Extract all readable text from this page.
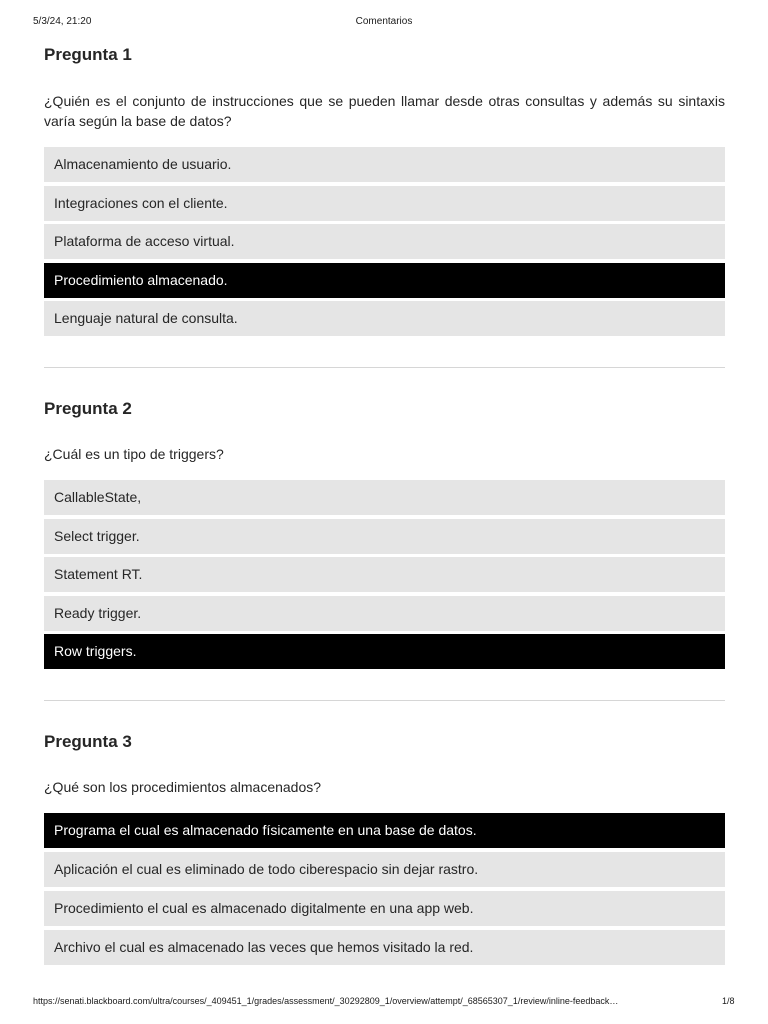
5/3/24, 21:20	Comentarios
Pregunta 1

¿Quién es el conjunto de instrucciones que se pueden llamar desde otras consultas y además su sintaxis varía según la base de datos?

Almacenamiento de usuario.
Integraciones con el cliente.
Plataforma de acceso virtual.
Procedimiento almacenado.
Lenguaje natural de consulta.
Pregunta 2

¿Cuál es un tipo de triggers?

CallableState,
Select trigger.
Statement RT.
Ready trigger.
Row triggers.
Pregunta 3

¿Qué son los procedimientos almacenados?

Programa el cual es almacenado físicamente en una base de datos.
Aplicación el cual es eliminado de todo ciberespacio sin dejar rastro.
Procedimiento el cual es almacenado digitalmente en una app web.
Archivo el cual es almacenado las veces que hemos visitado la red.
https://senati.blackboard.com/ultra/courses/_409451_1/grades/assessment/_30292809_1/overview/attempt/_68565307_1/review/inline-feedback…	1/8
